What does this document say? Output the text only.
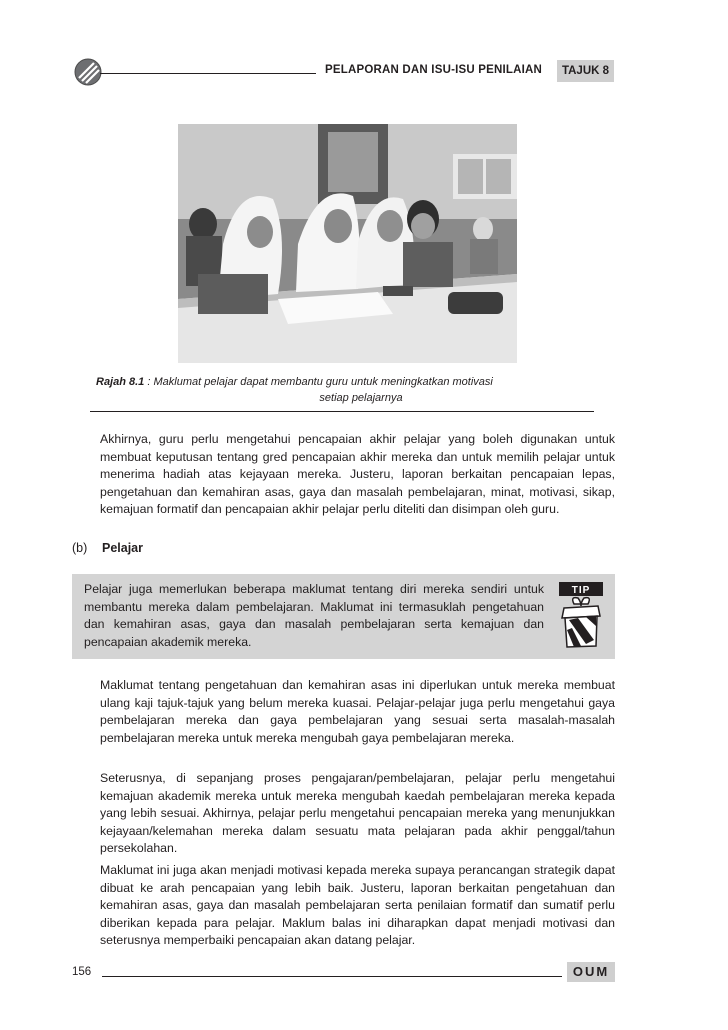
PELAPORAN DAN ISU-ISU PENILAIAN	TAJUK 8
Rajah 8.1 : Maklumat pelajar dapat membantu guru untuk meningkatkan motivasi
setiap pelajarnya

Akhirnya, guru perlu mengetahui pencapaian akhir pelajar yang boleh digunakan untuk membuat keputusan tentang gred pencapaian akhir mereka dan untuk memilih pelajar untuk menerima hadiah atas kejayaan mereka. Justeru, laporan berkaitan pencapaian lepas, pengetahuan dan kemahiran asas, gaya dan masalah pembelajaran, minat, motivasi, sikap, kemajuan formatif dan pencapaian akhir pelajar perlu diteliti dan disimpan oleh guru.

(b) Pelajar

Pelajar juga memerlukan beberapa maklumat tentang diri mereka sendiri untuk membantu mereka dalam pembelajaran. Maklumat ini termasuklah pengetahuan dan kemahiran asas, gaya dan masalah pembelajaran serta kemajuan dan pencapaian akademik mereka.

TIP

Maklumat tentang pengetahuan dan kemahiran asas ini diperlukan untuk mereka membuat ulang kaji tajuk-tajuk yang belum mereka kuasai. Pelajar-pelajar juga perlu mengetahui gaya pembelajaran mereka dan gaya pembelajaran yang sesuai serta masalah-masalah pembelajaran mereka untuk mereka mengubah gaya pembelajaran mereka.

Seterusnya, di sepanjang proses pengajaran/pembelajaran, pelajar perlu mengetahui kemajuan akademik mereka untuk mereka mengubah kaedah pembelajaran mereka kepada yang lebih sesuai. Akhirnya, pelajar perlu mengetahui pencapaian mereka yang menunjukkan kejayaan/kelemahan mereka dalam sesuatu mata pelajaran pada akhir penggal/tahun persekolahan.

Maklumat ini juga akan menjadi motivasi kepada mereka supaya perancangan strategik dapat dibuat ke arah pencapaian yang lebih baik. Justeru, laporan berkaitan pengetahuan dan kemahiran asas, gaya dan masalah pembelajaran serta penilaian formatif dan sumatif perlu diberikan kepada para pelajar. Maklum balas ini diharapkan dapat menjadi motivasi dan seterusnya memperbaiki pencapaian akan datang pelajar.

156	OUM
